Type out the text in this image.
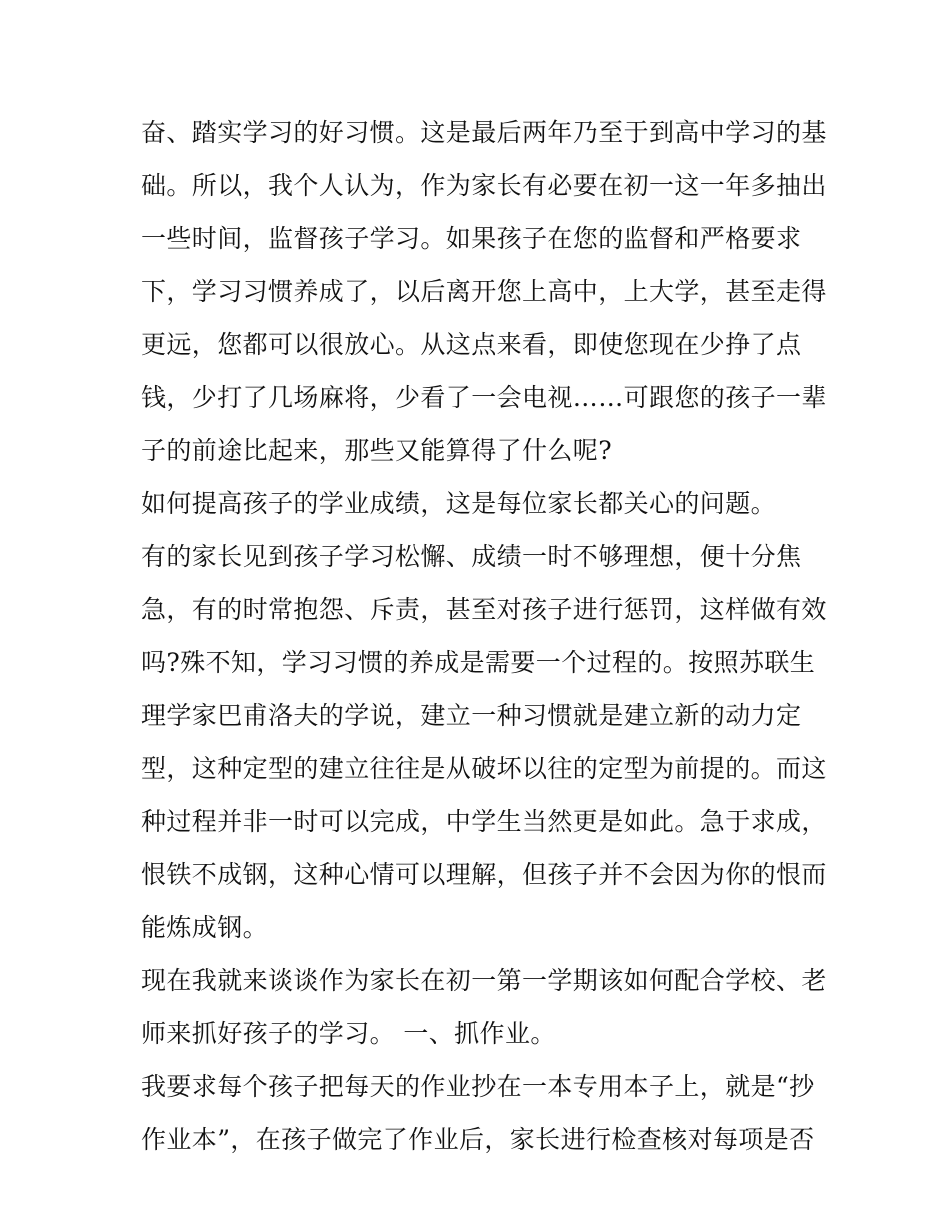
奋、踏实学习的好习惯。这是最后两年乃至于到高中学习的基
础。所以，我个人认为，作为家长有必要在初一这一年多抽出
一些时间，监督孩子学习。如果孩子在您的监督和严格要求
下，学习习惯养成了，以后离开您上高中，上大学，甚至走得
更远，您都可以很放心。从这点来看，即使您现在少挣了点
钱，少打了几场麻将，少看了一会电视……可跟您的孩子一辈
子的前途比起来，那些又能算得了什么呢?
如何提高孩子的学业成绩，这是每位家长都关心的问题。
有的家长见到孩子学习松懈、成绩一时不够理想，便十分焦
急，有的时常抱怨、斥责，甚至对孩子进行惩罚，这样做有效
吗?殊不知，学习习惯的养成是需要一个过程的。按照苏联生
理学家巴甫洛夫的学说，建立一种习惯就是建立新的动力定
型，这种定型的建立往往是从破坏以往的定型为前提的。而这
种过程并非一时可以完成，中学生当然更是如此。急于求成，
恨铁不成钢，这种心情可以理解，但孩子并不会因为你的恨而
能炼成钢。
现在我就来谈谈作为家长在初一第一学期该如何配合学校、老
师来抓好孩子的学习。 一、抓作业。
我要求每个孩子把每天的作业抄在一本专用本子上，就是“抄
作业本”，在孩子做完了作业后，家长进行检查核对每项是否
